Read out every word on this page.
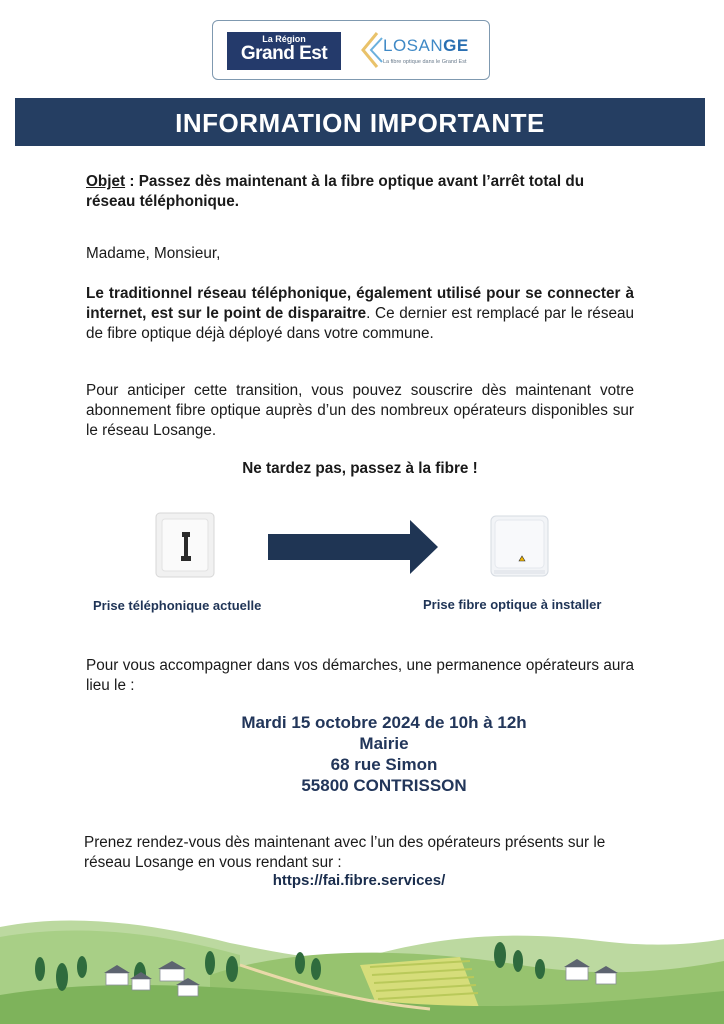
La Région
Grand Est	LOSANGE
La fibre optique dans le Grand Est
INFORMATION IMPORTANTE
Objet : Passez dès maintenant à la fibre optique avant l’arrêt total du réseau téléphonique.
Madame, Monsieur,
Le traditionnel réseau téléphonique, également utilisé pour se connecter à internet, est sur le point de disparaitre. Ce dernier est remplacé par le réseau de fibre optique déjà déployé dans votre commune.
Pour anticiper cette transition, vous pouvez souscrire dès maintenant votre abonnement fibre optique auprès d’un des nombreux opérateurs disponibles sur le réseau Losange.
Ne tardez pas, passez à la fibre !
Prise téléphonique actuelle	Prise fibre optique à installer
Pour vous accompagner dans vos démarches, une permanence opérateurs aura lieu le :
Mardi 15 octobre 2024 de 10h à 12h
Mairie
68 rue Simon
55800 CONTRISSON
Prenez rendez-vous dès maintenant avec l’un des opérateurs présents sur le réseau Losange en vous rendant sur :
https://fai.fibre.services/
